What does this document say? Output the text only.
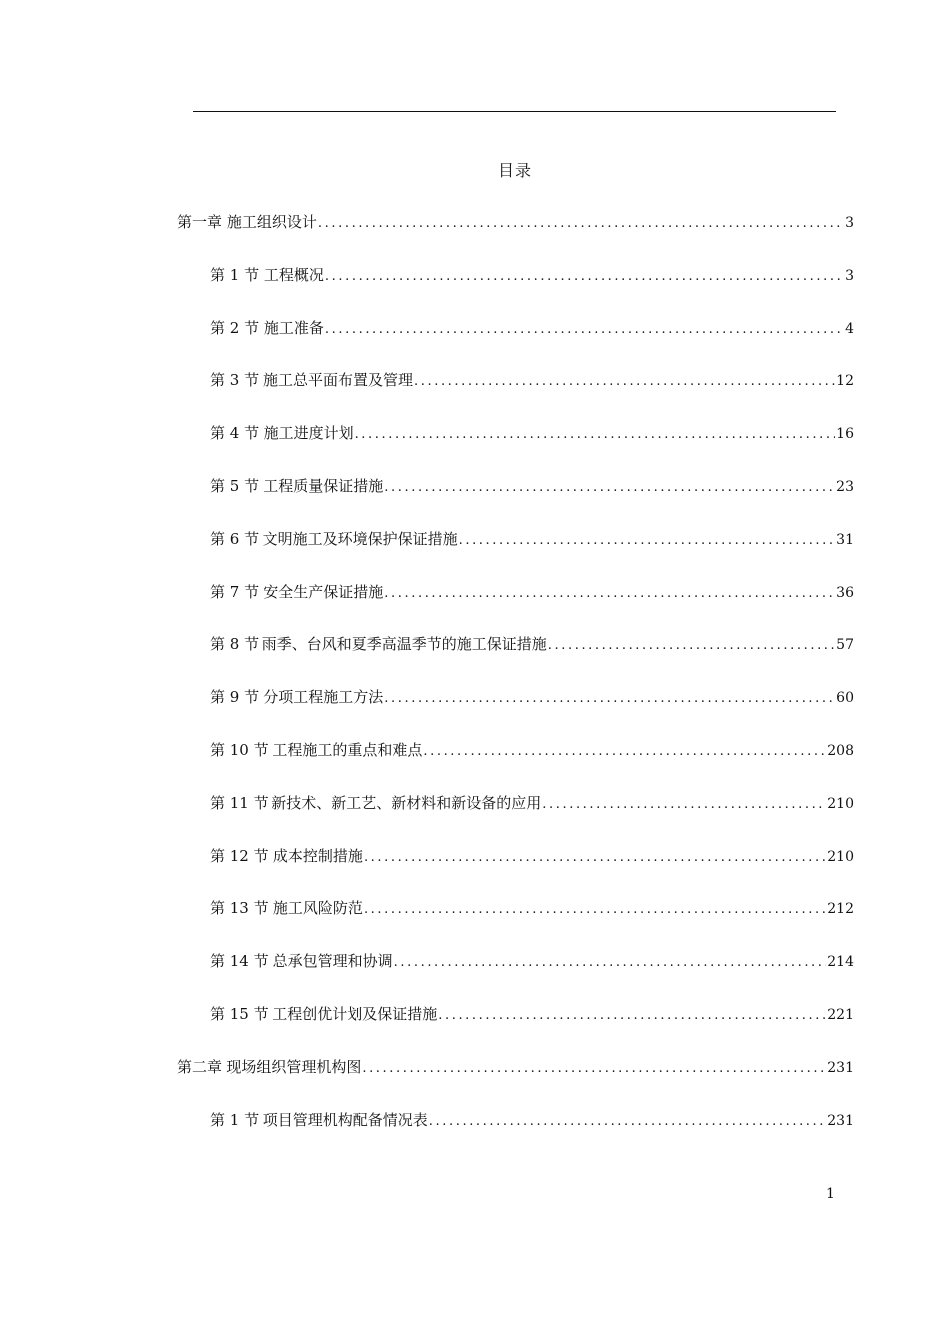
目录
第一章 施工组织设计 .....	3
第 1 节 工程概况 .....	3
第 2 节 施工准备 .....	4
第 3 节 施工总平面布置及管理 .....	12
第 4 节 施工进度计划 .....	16
第 5 节 工程质量保证措施 .....	23
第 6 节 文明施工及环境保护保证措施 .....	31
第 7 节 安全生产保证措施 .....	36
第 8 节 雨季、台风和夏季高温季节的施工保证措施 .....	57
第 9 节 分项工程施工方法 .....	60
第 10 节 工程施工的重点和难点 .....	208
第 11 节 新技术、新工艺、新材料和新设备的应用 .....	210
第 12 节 成本控制措施 .....	210
第 13 节 施工风险防范 .....	212
第 14 节 总承包管理和协调 .....	214
第 15 节 工程创优计划及保证措施 .....	221
第二章 现场组织管理机构图 .....	231
第 1 节 项目管理机构配备情况表 .....	231
1
